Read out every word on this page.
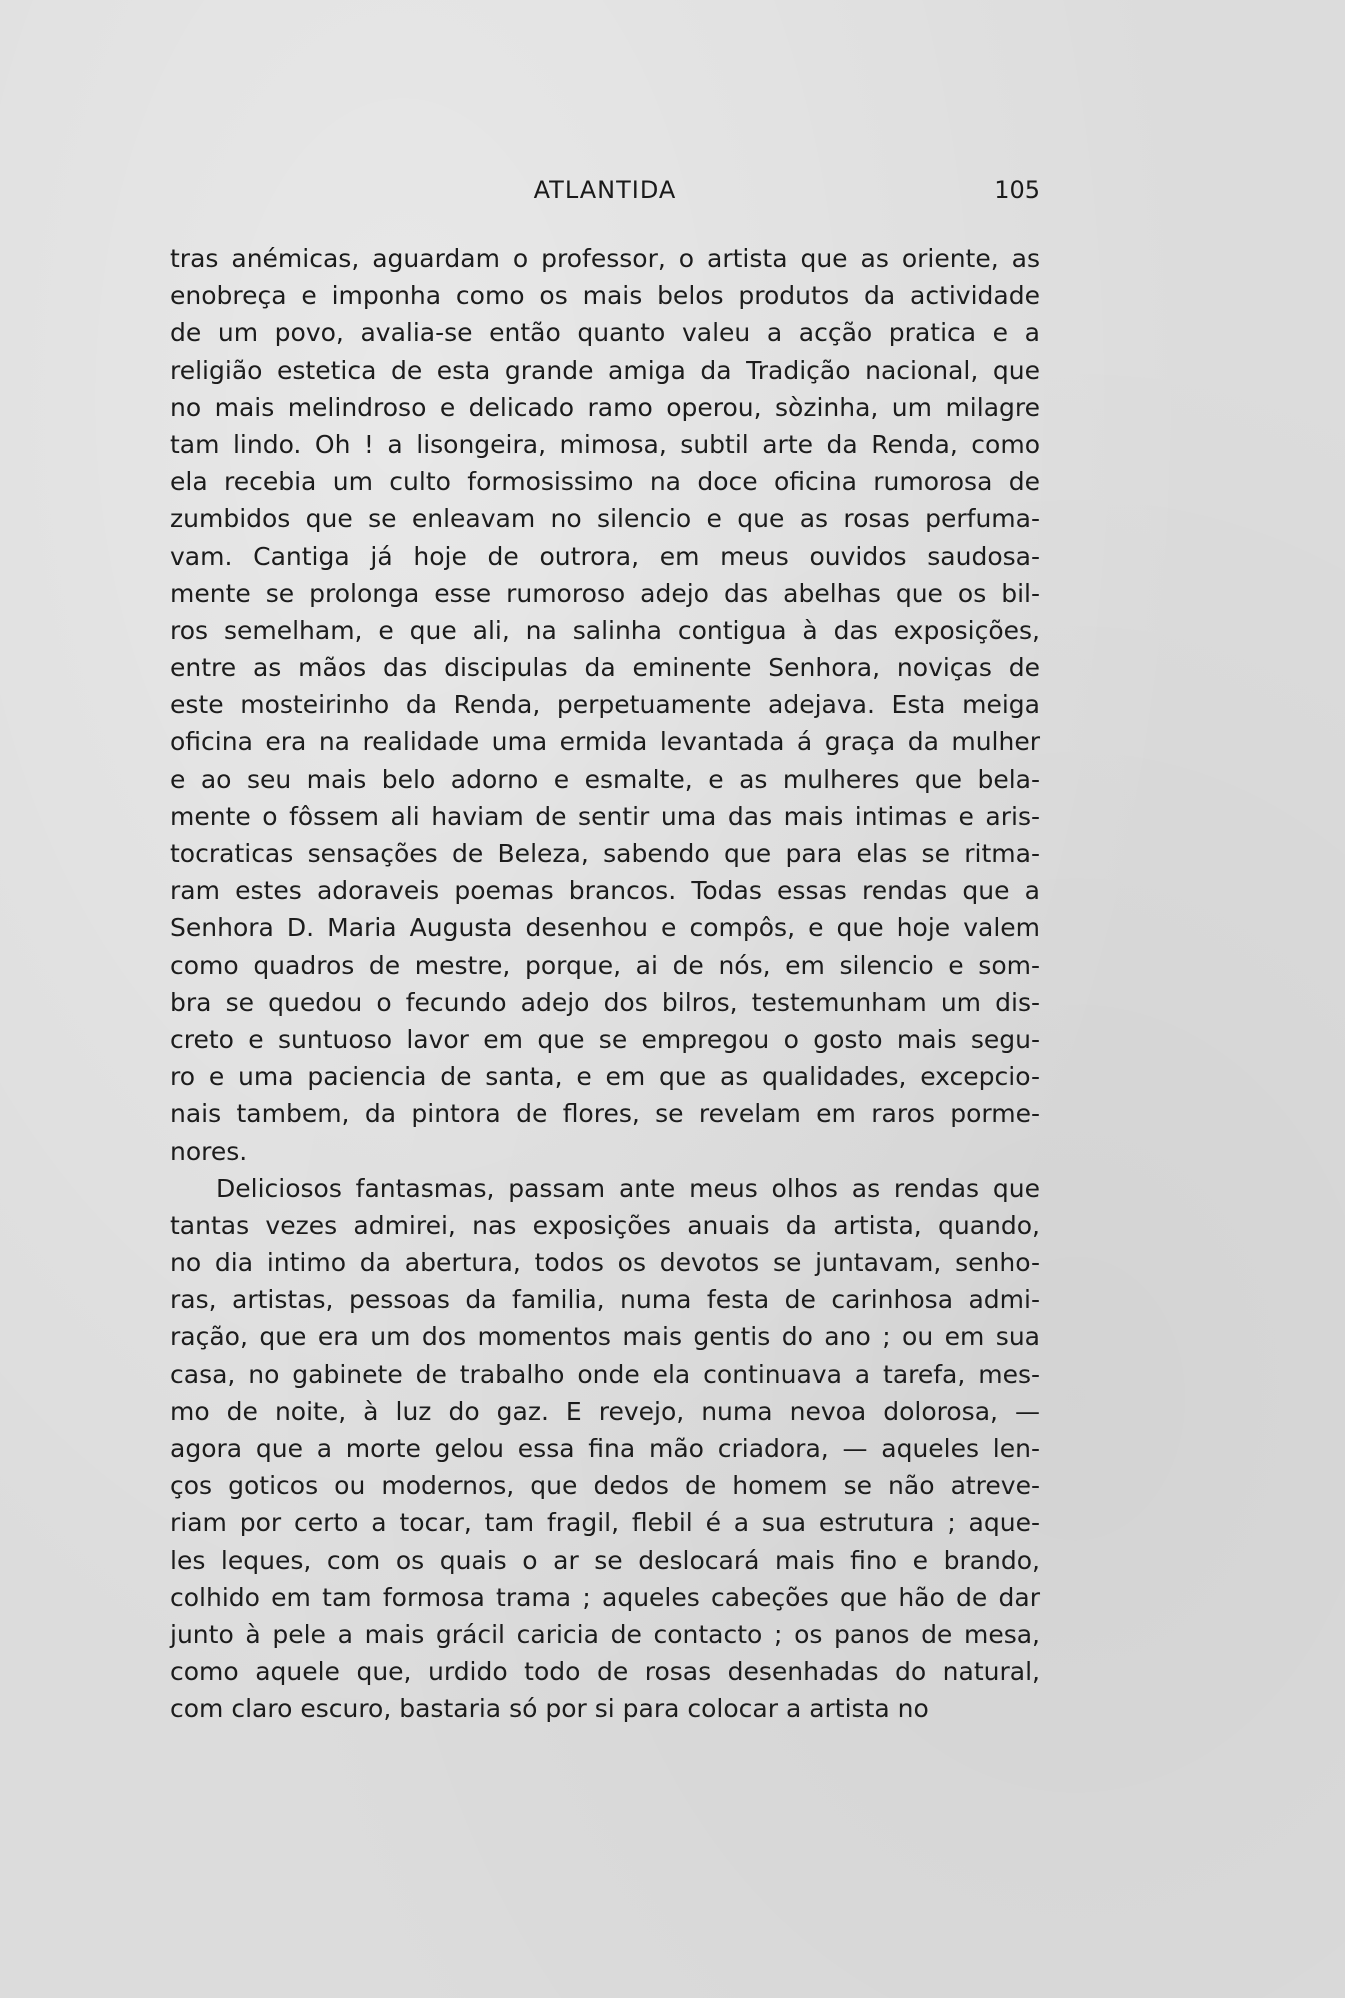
ATLANTIDA	105
tras anémicas, aguardam o professor, o artista que as oriente, as
enobreça e imponha como os mais belos produtos da actividade
de um povo, avalia-se então quanto valeu a acção pratica e a
religião estetica de esta grande amiga da Tradição nacional, que
no mais melindroso e delicado ramo operou, sòzinha, um milagre
tam lindo. Oh ! a lisongeira, mimosa, subtil arte da Renda, como
ela recebia um culto formosissimo na doce oficina rumorosa de
zumbidos que se enleavam no silencio e que as rosas perfuma-
vam. Cantiga já hoje de outrora, em meus ouvidos saudosa-
mente se prolonga esse rumoroso adejo das abelhas que os bil-
ros semelham, e que ali, na salinha contigua à das exposições,
entre as mãos das discipulas da eminente Senhora, noviças de
este mosteirinho da Renda, perpetuamente adejava. Esta meiga
oficina era na realidade uma ermida levantada á graça da mulher
e ao seu mais belo adorno e esmalte, e as mulheres que bela-
mente o fôssem ali haviam de sentir uma das mais intimas e aris-
tocraticas sensações de Beleza, sabendo que para elas se ritma-
ram estes adoraveis poemas brancos. Todas essas rendas que a
Senhora D. Maria Augusta desenhou e compôs, e que hoje valem
como quadros de mestre, porque, ai de nós, em silencio e som-
bra se quedou o fecundo adejo dos bilros, testemunham um dis-
creto e suntuoso lavor em que se empregou o gosto mais segu-
ro e uma paciencia de santa, e em que as qualidades, excepcio-
nais tambem, da pintora de flores, se revelam em raros porme-
nores.
Deliciosos fantasmas, passam ante meus olhos as rendas que
tantas vezes admirei, nas exposições anuais da artista, quando,
no dia intimo da abertura, todos os devotos se juntavam, senho-
ras, artistas, pessoas da familia, numa festa de carinhosa admi-
ração, que era um dos momentos mais gentis do ano ; ou em sua
casa, no gabinete de trabalho onde ela continuava a tarefa, mes-
mo de noite, à luz do gaz. E revejo, numa nevoa dolorosa, —
agora que a morte gelou essa fina mão criadora, — aqueles len-
ços goticos ou modernos, que dedos de homem se não atreve-
riam por certo a tocar, tam fragil, flebil é a sua estrutura ; aque-
les leques, com os quais o ar se deslocará mais fino e brando,
colhido em tam formosa trama ; aqueles cabeções que hão de dar
junto à pele a mais grácil caricia de contacto ; os panos de mesa,
como aquele que, urdido todo de rosas desenhadas do natural,
com claro escuro, bastaria só por si para colocar a artista no
